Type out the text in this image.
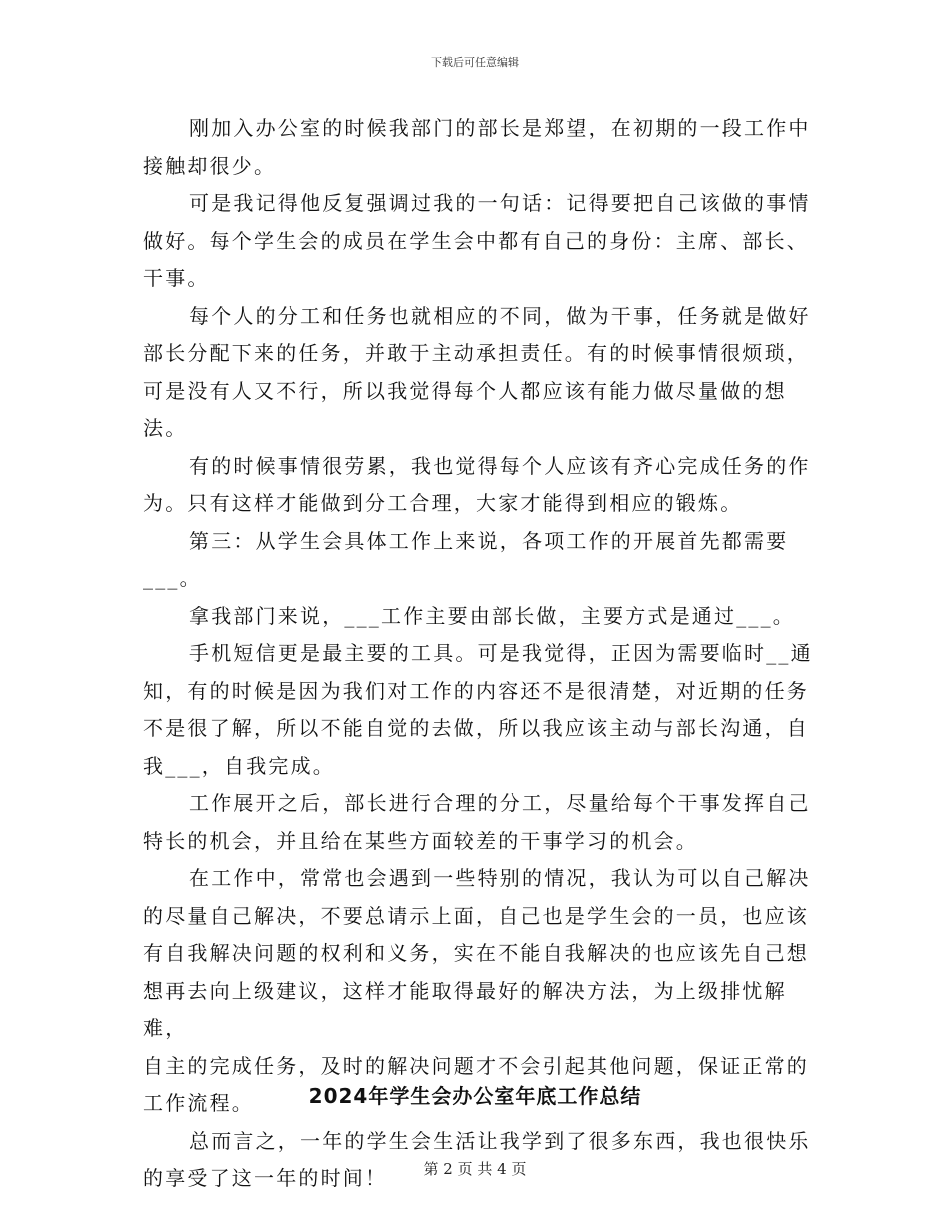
下载后可任意编辑

刚加入办公室的时候我部门的部长是郑望，在初期的一段工作中
接触却很少。

可是我记得他反复强调过我的一句话：记得要把自己该做的事情
做好。每个学生会的成员在学生会中都有自己的身份：主席、部长、
干事。

每个人的分工和任务也就相应的不同，做为干事，任务就是做好
部长分配下来的任务，并敢于主动承担责任。有的时候事情很烦琐，
可是没有人又不行，所以我觉得每个人都应该有能力做尽量做的想法。

有的时候事情很劳累，我也觉得每个人应该有齐心完成任务的作
为。只有这样才能做到分工合理，大家才能得到相应的锻炼。

第三：从学生会具体工作上来说，各项工作的开展首先都需要___。

拿我部门来说，___工作主要由部长做，主要方式是通过___。

手机短信更是最主要的工具。可是我觉得，正因为需要临时__通
知，有的时候是因为我们对工作的内容还不是很清楚，对近期的任务
不是很了解，所以不能自觉的去做，所以我应该主动与部长沟通，自
我___，自我完成。

工作展开之后，部长进行合理的分工，尽量给每个干事发挥自己
特长的机会，并且给在某些方面较差的干事学习的机会。

在工作中，常常也会遇到一些特别的情况，我认为可以自己解决
的尽量自己解决，不要总请示上面，自己也是学生会的一员，也应该
有自我解决问题的权利和义务，实在不能自我解决的也应该先自己想
想再去向上级建议，这样才能取得最好的解决方法，为上级排忧解难，
自主的完成任务，及时的解决问题才不会引起其他问题，保证正常的
工作流程。

总而言之，一年的学生会生活让我学到了很多东西，我也很快乐
的享受了这一年的时间！

2024年学生会办公室年底工作总结
第 2 页 共 4 页
